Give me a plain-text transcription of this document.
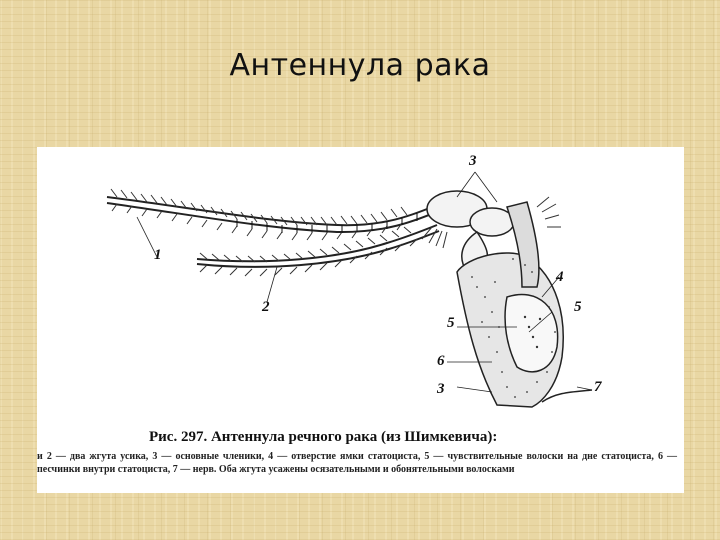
Антеннула рака
1
2
3
4
5
5
6
3	7
Рис. 297. Антеннула речного рака (из Шимкевича):
и 2 — два жгута усика, 3 — основные членики, 4 — отверстие ямки статоциста, 5 — чувствительные волоски на дне статоциста, 6 — песчинки внутри статоциста, 7 — нерв. Оба жгута усажены осязательными и обонятельными волосками
